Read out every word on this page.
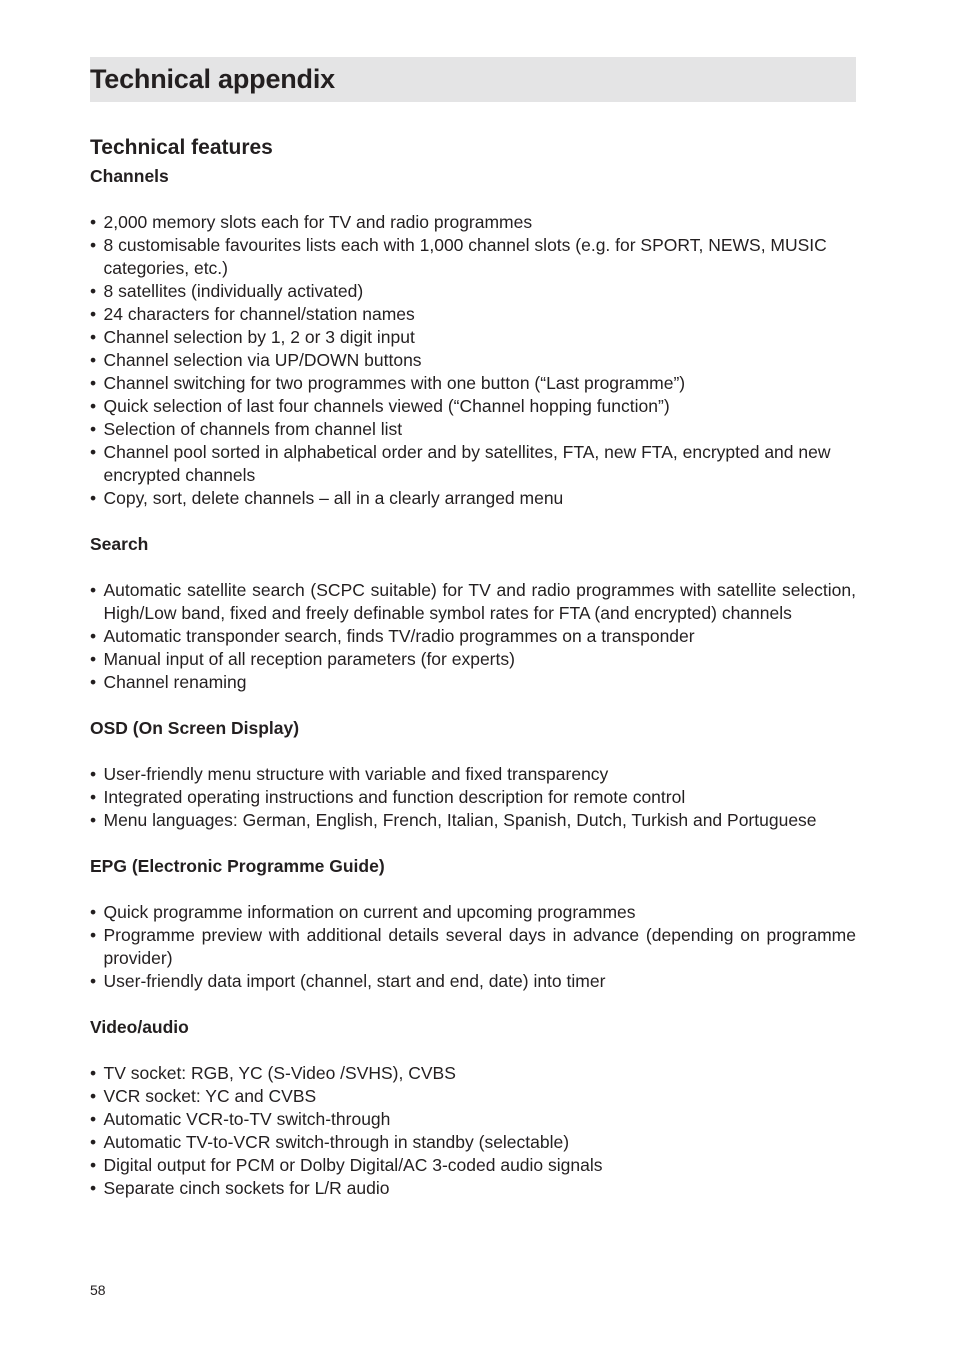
Technical appendix
Technical features
Channels
• 2,000 memory slots each for TV and radio programmes
• 8 customisable favourites lists each with 1,000 channel slots (e.g. for SPORT, NEWS, MUSIC categories, etc.)
• 8 satellites (individually activated)
• 24 characters for channel/station names
• Channel selection by 1, 2 or 3 digit input
• Channel selection via UP/DOWN buttons
• Channel switching for two programmes with one button (“Last programme”)
• Quick selection of last four channels viewed (“Channel hopping function”)
• Selection of channels from channel list
• Channel pool sorted in alphabetical order and by satellites, FTA, new FTA, encrypted and new encrypted channels
• Copy, sort, delete channels – all in a clearly arranged menu
Search
• Automatic satellite search (SCPC suitable) for TV and radio programmes with satellite selection, High/Low band, fixed and freely definable symbol rates for FTA (and encrypted) channels
• Automatic transponder search, finds TV/radio programmes on a transponder
• Manual input of all reception parameters (for experts)
• Channel renaming
OSD (On Screen Display)
• User-friendly menu structure with variable and fixed transparency
• Integrated operating instructions and function description for remote control
• Menu languages: German, English, French, Italian, Spanish, Dutch, Turkish and Portuguese
EPG (Electronic Programme Guide)
• Quick programme information on current and upcoming programmes
• Programme preview with additional details several days in advance (depending on programme provider)
• User-friendly data import (channel, start and end, date) into timer
Video/audio
• TV socket: RGB, YC (S-Video /SVHS), CVBS
• VCR socket: YC and CVBS
• Automatic VCR-to-TV switch-through
• Automatic TV-to-VCR switch-through in standby (selectable)
• Digital output for PCM or Dolby Digital/AC 3-coded audio signals
• Separate cinch sockets for L/R audio
58
